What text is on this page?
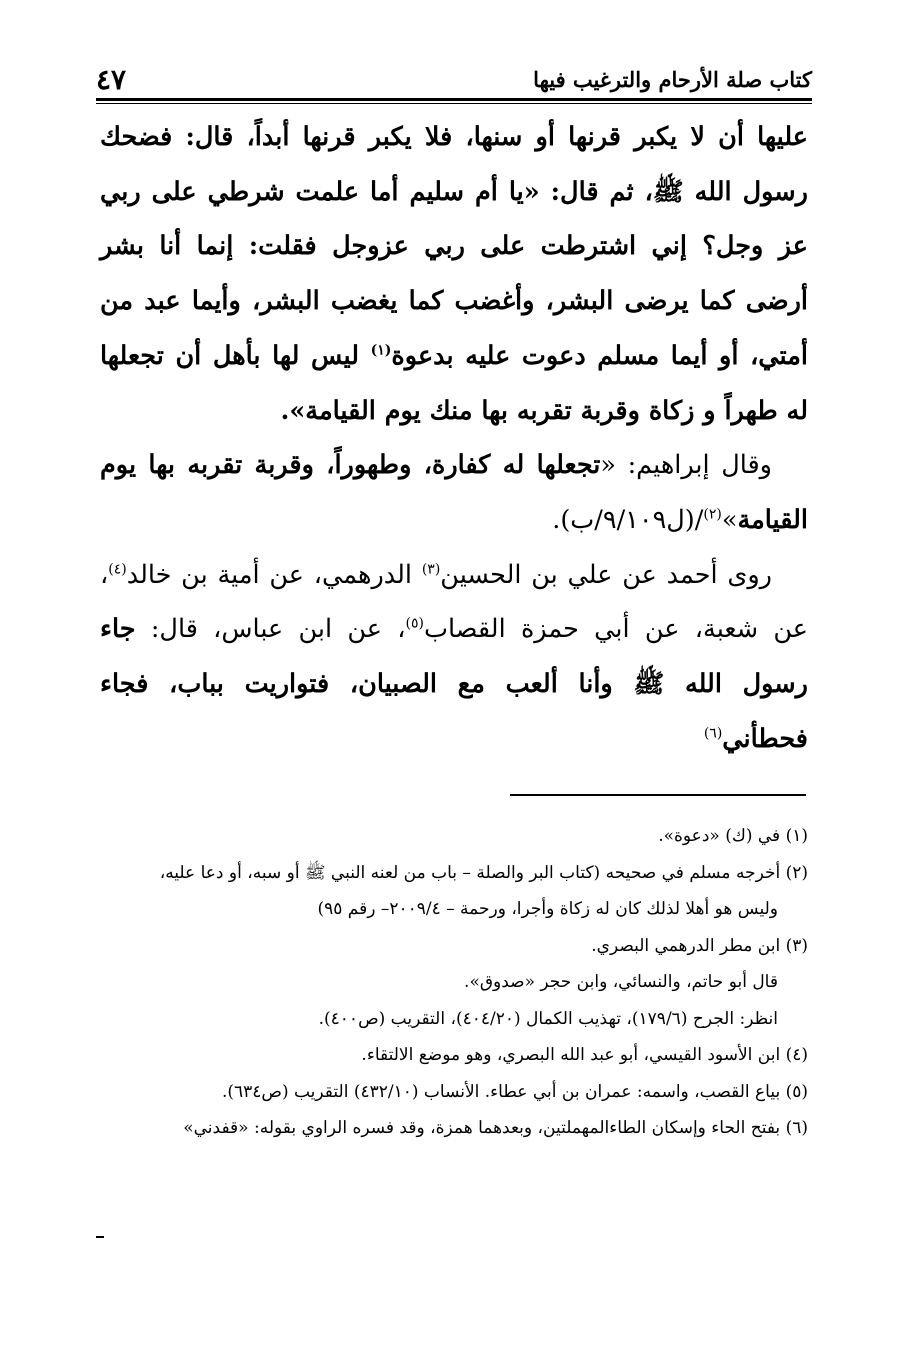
كتاب صلة الأرحام والترغيب فيها
٤٧

عليها أن لا يكبر قرنها أو سنها، فلا يكبر قرنها أبداً، قال: فضحك رسول الله ﷺ، ثم قال: «يا أم سليم أما علمت شرطي على ربي عز وجل؟ إني اشترطت على ربي عزوجل فقلت: إنما أنا بشر أرضى كما يرضى البشر، وأغضب كما يغضب البشر، وأيما عبد من أمتي، أو أيما مسلم دعوت عليه بدعوة$^{(١)}$ ليس لها بأهل أن تجعلها له طهراً و زكاة وقربة تقربه بها منك يوم القيامة».

وقال إبراهيم: «تجعلها له كفارة، وطهوراً، وقربة تقربه بها يوم القيامة»$^{(٢)}$/(ل٩/١٠٩/ب).

روى أحمد عن علي بن الحسين$^{(٣)}$ الدرهمي، عن أمية بن خالد$^{(٤)}$، عن شعبة، عن أبي حمزة القصاب$^{(٥)}$، عن ابن عباس، قال: جاء رسول الله ﷺ وأنا ألعب مع الصبيان، فتواريت بباب، فجاء فحطأني$^{(٦)}$

(١) في (ك) «دعوة».

(٢) أخرجه مسلم في صحيحه (كتاب البر والصلة – باب من لعنه النبي ﷺ أو سبه، أو دعا عليه،

وليس هو أهلا لذلك كان له زكاة وأجرا، ورحمة – ٢٠٠٩/٤– رقم ٩٥)

(٣) ابن مطر الدرهمي البصري.

قال أبو حاتم، والنسائي، وابن حجر «صدوق».

انظر: الجرح (١٧٩/٦)، تهذيب الكمال (٤٠٤/٢٠)، التقريب (ص٤٠٠).

(٤) ابن الأسود القيسي، أبو عبد الله البصري، وهو موضع الالتقاء.

(٥) بياع القصب، واسمه: عمران بن أبي عطاء. الأنساب (٤٣٢/١٠) التقريب (ص٦٣٤).

(٦) بفتح الحاء وإسكان الطاءالمهملتين، وبعدهما همزة، وقد فسره الراوي بقوله: «قفدني»
